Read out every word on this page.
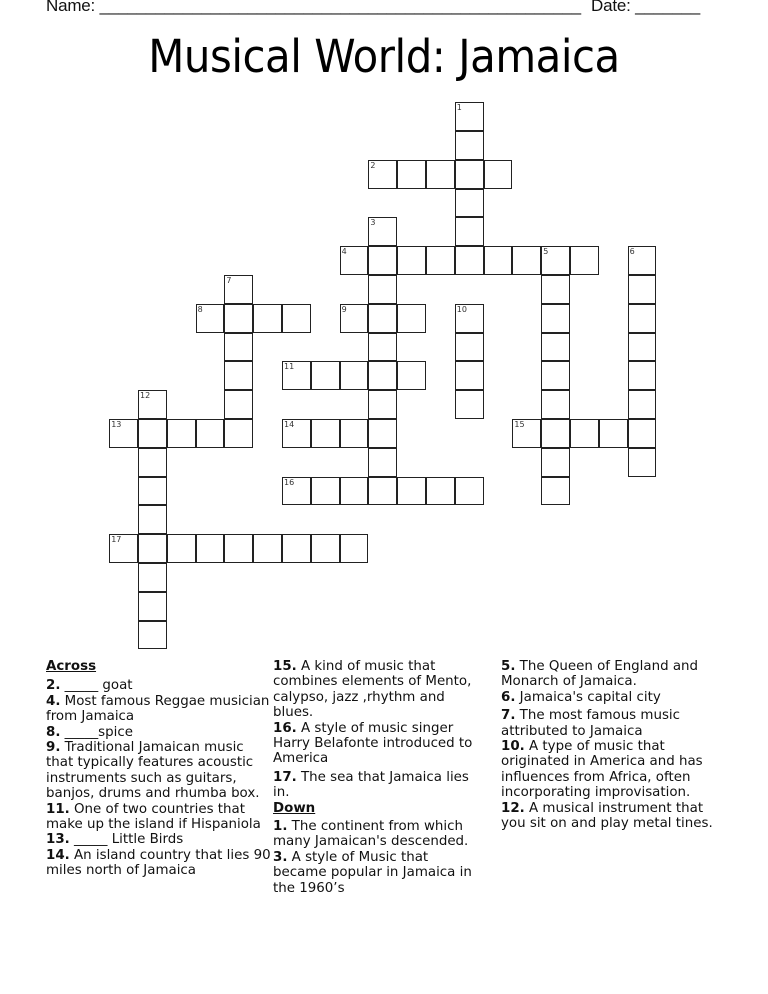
Name: ____________________________________________________ Date: _______
Musical World: Jamaica
1
2
3
4	5	6
7
8	9	10
11
12
13	14	15
16
17
Across
2. _____ goat
4. Most famous Reggae musician from Jamaica
8. _____spice
9. Traditional Jamaican music that typically features acoustic instruments such as guitars, banjos, drums and rhumba box.
11. One of two countries that make up the island if Hispaniola
13. _____ Little Birds
14. An island country that lies 90 miles north of Jamaica
15. A kind of music that combines elements of Mento, calypso, jazz ,rhythm and blues.
16. A style of music singer Harry Belafonte introduced to America
17. The sea that Jamaica lies in.
Down
1. The continent from which many Jamaican's descended.
3. A style of Music that became popular in Jamaica in the 1960’s
5. The Queen of England and Monarch of Jamaica.
6. Jamaica's capital city
7. The most famous music attributed to Jamaica
10. A type of music that originated in America and has influences from Africa, often incorporating improvisation.
12. A musical instrument that you sit on and play metal tines.
